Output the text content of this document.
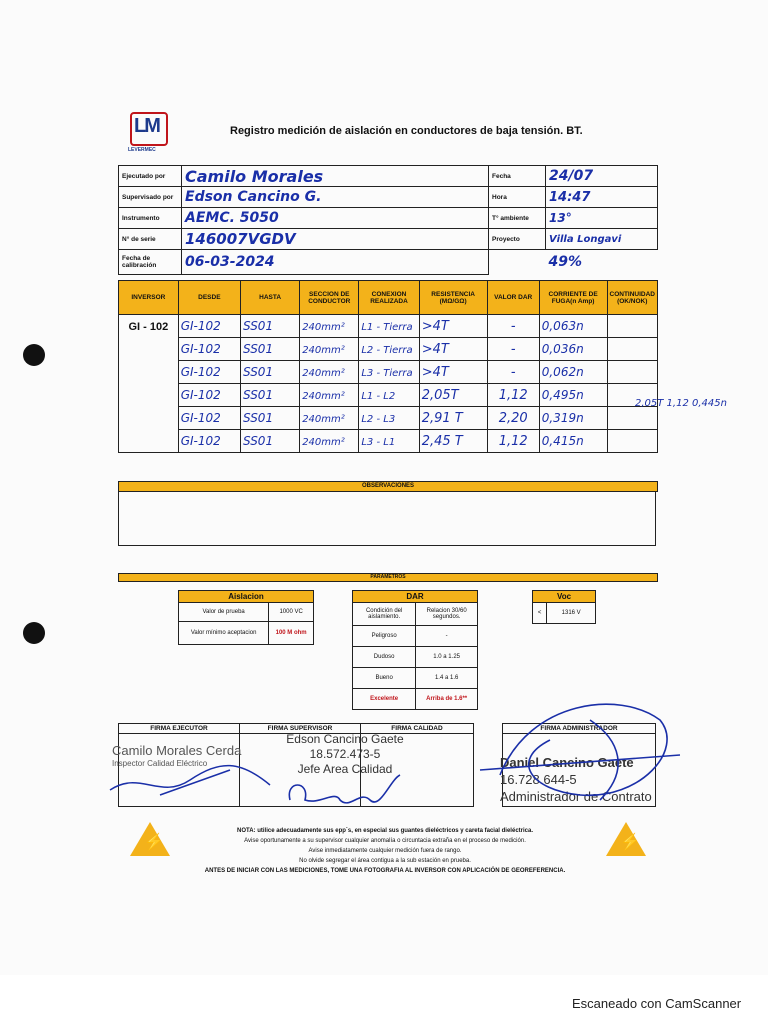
LM
LEVERMEC
Registro medición de aislación en conductores de baja tensión. BT.
Ejecutado por	Camilo Morales	Fecha	24/07
Supervisado por	Edson Cancino G.	Hora	14:47
Instrumento	AEMC. 5050	T° ambiente	13°
N° de serie	146007VGDV	Proyecto	Villa Longavi
Fecha de calibración	06-03-2024		49%
INVERSOR	DESDE	HASTA	SECCION DE CONDUCTOR	CONEXION REALIZADA	RESISTENCIA (MΩ/GΩ)	VALOR DAR	CORRIENTE DE FUGA(n Amp)	CONTINUIDAD (OK/NOK)
GI - 102	GI-102	SS01	240mm²	L1 - Tierra	>4T	-	0,063n	
	GI-102	SS01	240mm²	L2 - Tierra	>4T	-	0,036n	
	GI-102	SS01	240mm²	L3 - Tierra	>4T	-	0,062n	
	GI-102	SS01	240mm²	L1 - L2	2,05T	1,12	0,495n	
	GI-102	SS01	240mm²	L2 - L3	2,91 T	2,20	0,319n	
	GI-102	SS01	240mm²	L3 - L1	2,45 T	1,12	0,415n	
2,05T 1,12 0,445n
OBSERVACIONES
PARAMETROS
Aislacion	
Valor de prueba	1000 VC
Valor mínimo aceptacion	100 M ohm
DAR	
Condición del aislamiento.	Relacion 30/60 segundos.
Peligroso	-
Dudoso	1.0 a 1.25
Bueno	1.4 a 1.6
Excelente	Arriba de 1.6**
Voc
<	1316 V
FIRMA EJECUTOR	FIRMA SUPERVISOR	FIRMA CALIDAD
			FIRMA ADMINISTRADOR

Camilo Morales Cerda
Inspector Calidad Eléctrico
Edson Cancino Gaete
18.572.473-5
Jefe Area Calidad	Daniel Cancino Gaete
16.728.644-5
Administrador de Contrato
⚡	⚡
NOTA: utilice adecuadamente sus epp´s, en especial sus guantes dieléctricos y careta facial dieléctrica.
Avise oportunamente a su supervisor cualquier anomalía o circuntacia extraña en el proceso de medición.
Avise inmediatamente cualquier medición fuera de rango.
No olvide segregar el área contigua a la sub estación en prueba.
ANTES DE INICIAR CON LAS MEDICIONES, TOME UNA FOTOGRAFIA AL INVERSOR CON APLICACIÓN DE GEOREFERENCIA.
Escaneado con CamScanner
